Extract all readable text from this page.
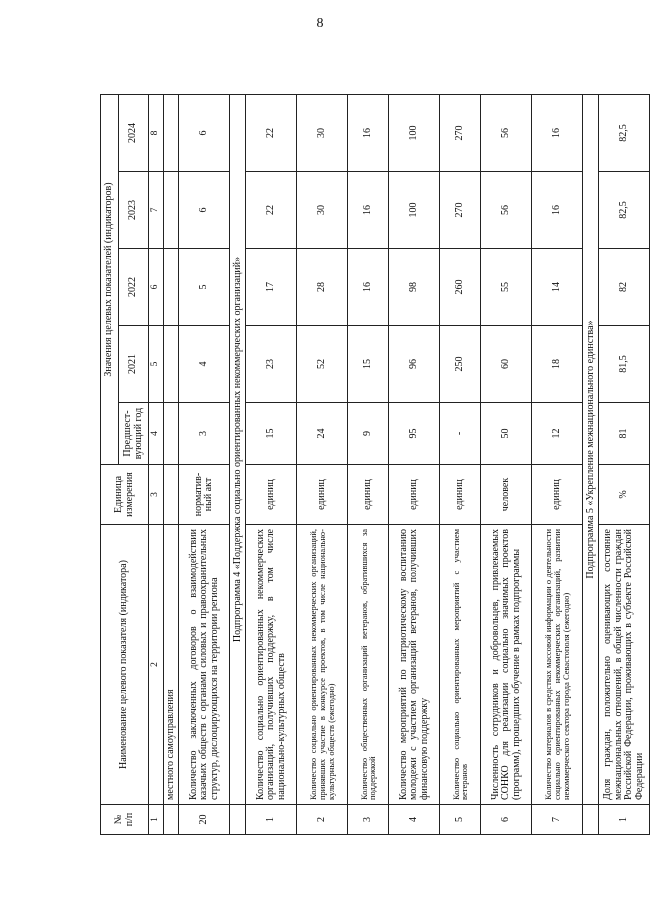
8
№
п/п	Наименование целевого показателя (индикатора)	Единица измерения	Значения целевых показателей (индикаторов)				
			Предшест-вующий год	2021	2022	2023	2024
1	2	3	4	5	6	7	8
	местного самоуправления						
20	Количество заключенных договоров о взаимодействии казачьих обществ с органами силовых и правоохранительных структур, дислоцирующихся на территории региона	норматив-ный акт	3	4	5	6	6
	Подпрограмма 4 «Поддержка социально ориентированных некоммерческих организаций»						
1	Количество социально ориентированных некоммерческих организаций, получивших поддержку, в том числе национально-культурных обществ	единиц	15	23	17	22	22
2	Количество социально ориентированных некоммерческих организаций, принявших участие в конкурсе проектов, в том числе национально-культурных обществ (ежегодно)	единиц	24	52	28	30	30
3	Количество общественных организаций ветеранов, обратившихся за поддержкой	единиц	9	15	16	16	16
4	Количество мероприятий по патриотическому воспитанию молодежи с участием организаций ветеранов, получивших финансовую поддержку	единиц	95	96	98	100	100
5	Количество социально ориентированных мероприятий с участием ветеранов	единиц	-	250	260	270	270
6	Численность сотрудников и добровольцев, привлекаемых СОНКО для реализации социально значимых проектов (программ), прошедших обучение в рамках подпрограммы	человек	50	60	55	56	56
7	Количество материалов в средствах массовой информации о деятельности социально ориентированных некоммерческих организаций, развитии некоммерческого сектора города Севастополя (ежегодно)	единиц	12	18	14	16	16
	Подпрограмма 5 «Укрепление межнационального единства»						
1	Доля граждан, положительно оценивающих состояние межнациональных отношений, в общей численности граждан Российской Федерации, проживающих в субъекте Российской Федерации	%	81	81,5	82	82,5	82,5
